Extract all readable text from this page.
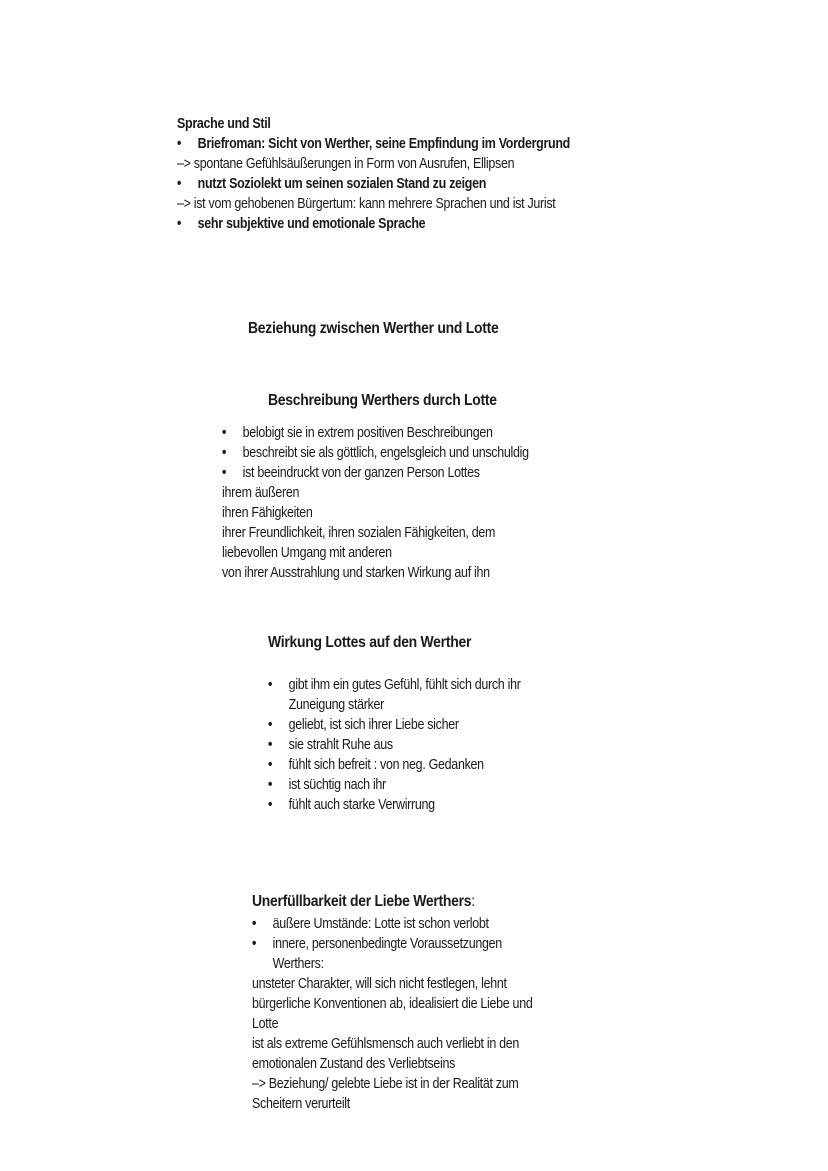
Sprache und Stil
•	Briefroman: Sicht von Werther, seine Empfindung im Vordergrund
–> spontane Gefühlsäußerungen in Form von Ausrufen, Ellipsen
•	nutzt Soziolekt um seinen sozialen Stand zu zeigen
–> ist vom gehobenen Bürgertum: kann mehrere Sprachen und ist Jurist
•	sehr subjektive und emotionale Sprache
Beziehung zwischen Werther und Lotte
Beschreibung Werthers durch Lotte
•	belobigt sie in extrem positiven Beschreibungen
•	beschreibt sie als göttlich, engelsgleich und unschuldig
•	ist beeindruckt von der ganzen Person Lottes
ihrem äußeren
ihren Fähigkeiten
ihrer Freundlichkeit, ihren sozialen Fähigkeiten, dem
liebevollen Umgang mit anderen
von ihrer Ausstrahlung und starken Wirkung auf ihn
Wirkung Lottes auf den Werther
•	gibt ihm ein gutes Gefühl, fühlt sich durch ihr
Zuneigung stärker
•	geliebt, ist sich ihrer Liebe sicher
•	sie strahlt Ruhe aus
•	fühlt sich befreit : von neg. Gedanken
•	ist süchtig nach ihr
•	fühlt auch starke Verwirrung
Unerfüllbarkeit der Liebe Werthers:
•	äußere Umstände: Lotte ist schon verlobt
•	innere, personenbedingte Voraussetzungen
Werthers:
unsteter Charakter, will sich nicht festlegen, lehnt
bürgerliche Konventionen ab, idealisiert die Liebe und
Lotte
ist als extreme Gefühlsmensch auch verliebt in den
emotionalen Zustand des Verliebtseins
–> Beziehung/ gelebte Liebe ist in der Realität zum
Scheitern verurteilt
